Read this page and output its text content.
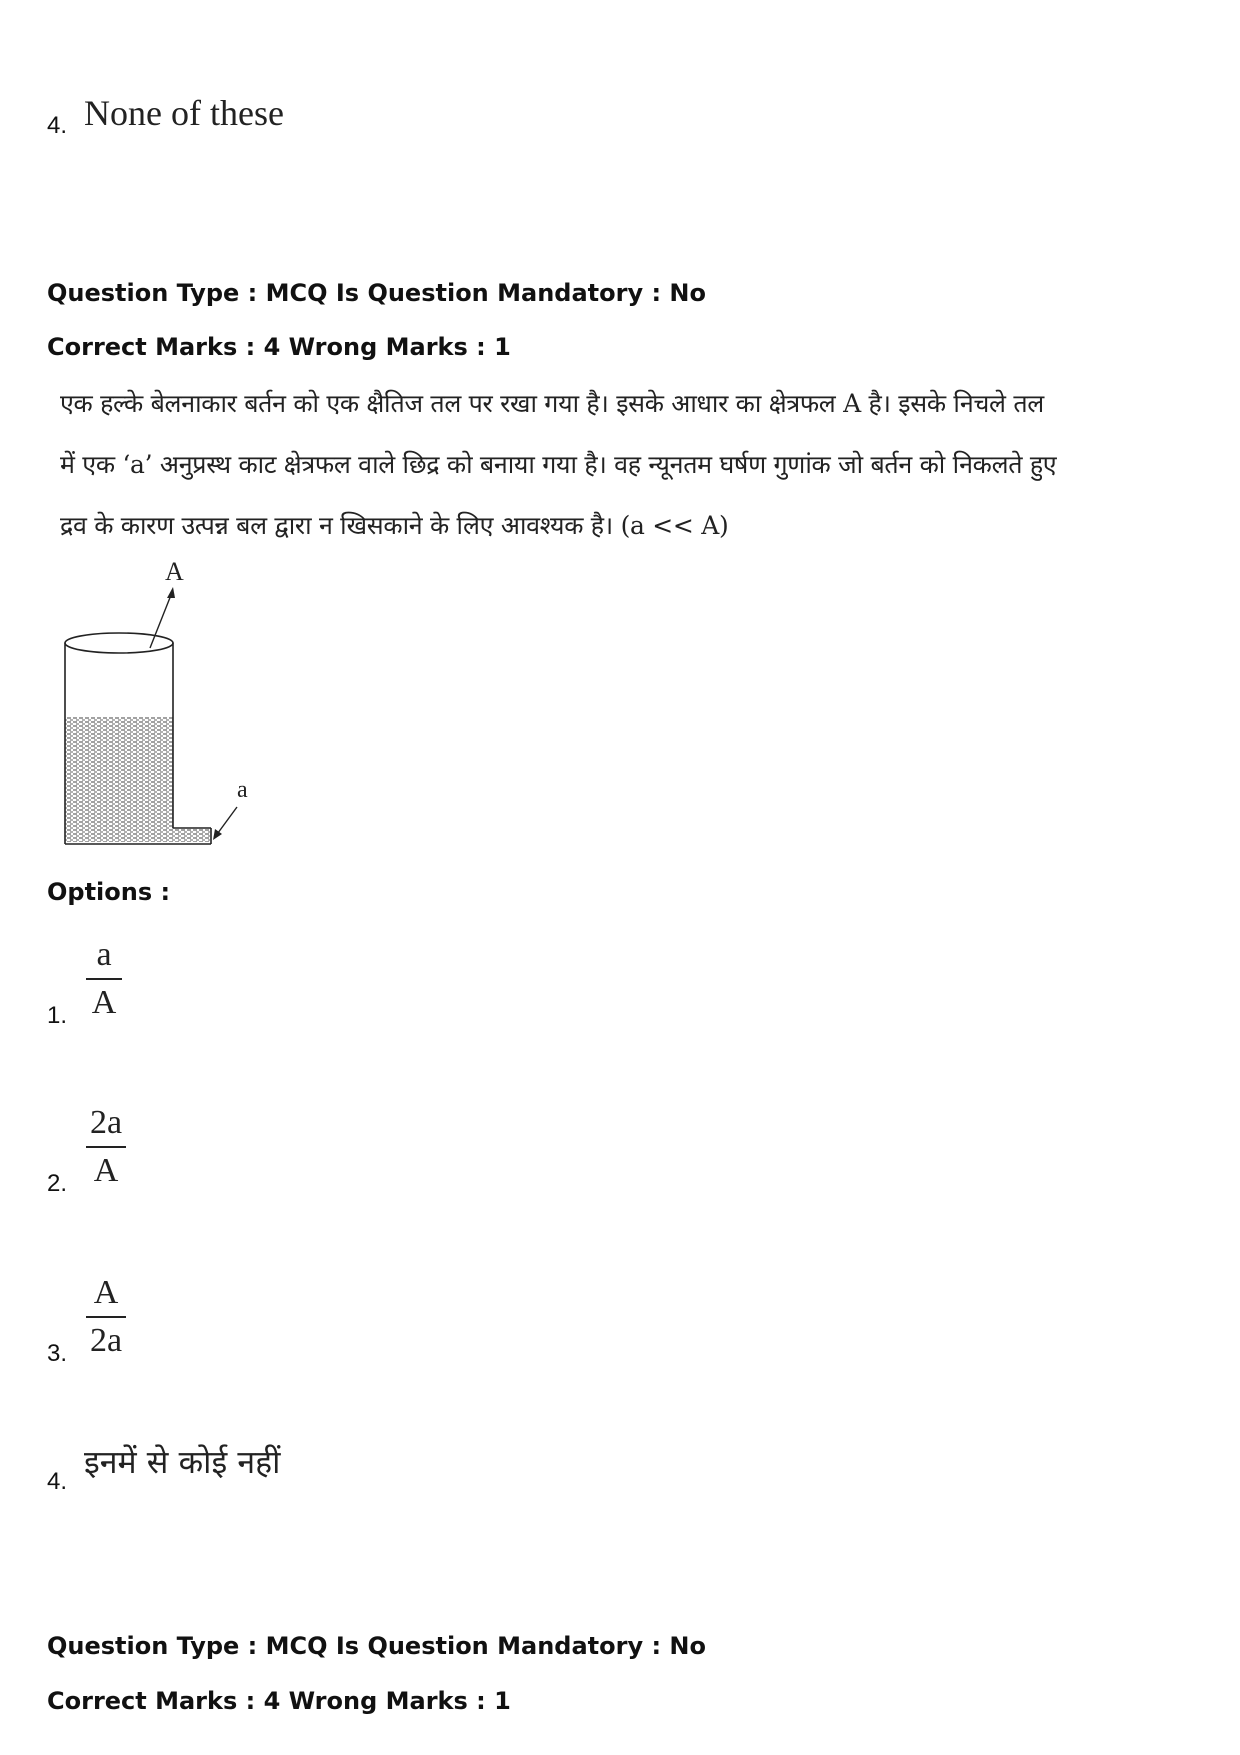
4. None of these
Question Type : MCQ Is Question Mandatory : No
Correct Marks : 4 Wrong Marks : 1
एक हल्के बेलनाकार बर्तन को एक क्षैतिज तल पर रखा गया है। इसके आधार का क्षेत्रफल A है। इसके निचले तल
में एक ‘a’ अनुप्रस्थ काट क्षेत्रफल वाले छिद्र को बनाया गया है। वह न्यूनतम घर्षण गुणांक जो बर्तन को निकलते हुए
द्रव के कारण उत्पन्न बल द्वारा न खिसकाने के लिए आवश्यक है। (a << A)
A
a
Options :
1.
a
A
2.
2a
A
3.
A
2a
4.
इनमें से कोई नहीं
Question Type : MCQ Is Question Mandatory : No
Correct Marks : 4 Wrong Marks : 1
